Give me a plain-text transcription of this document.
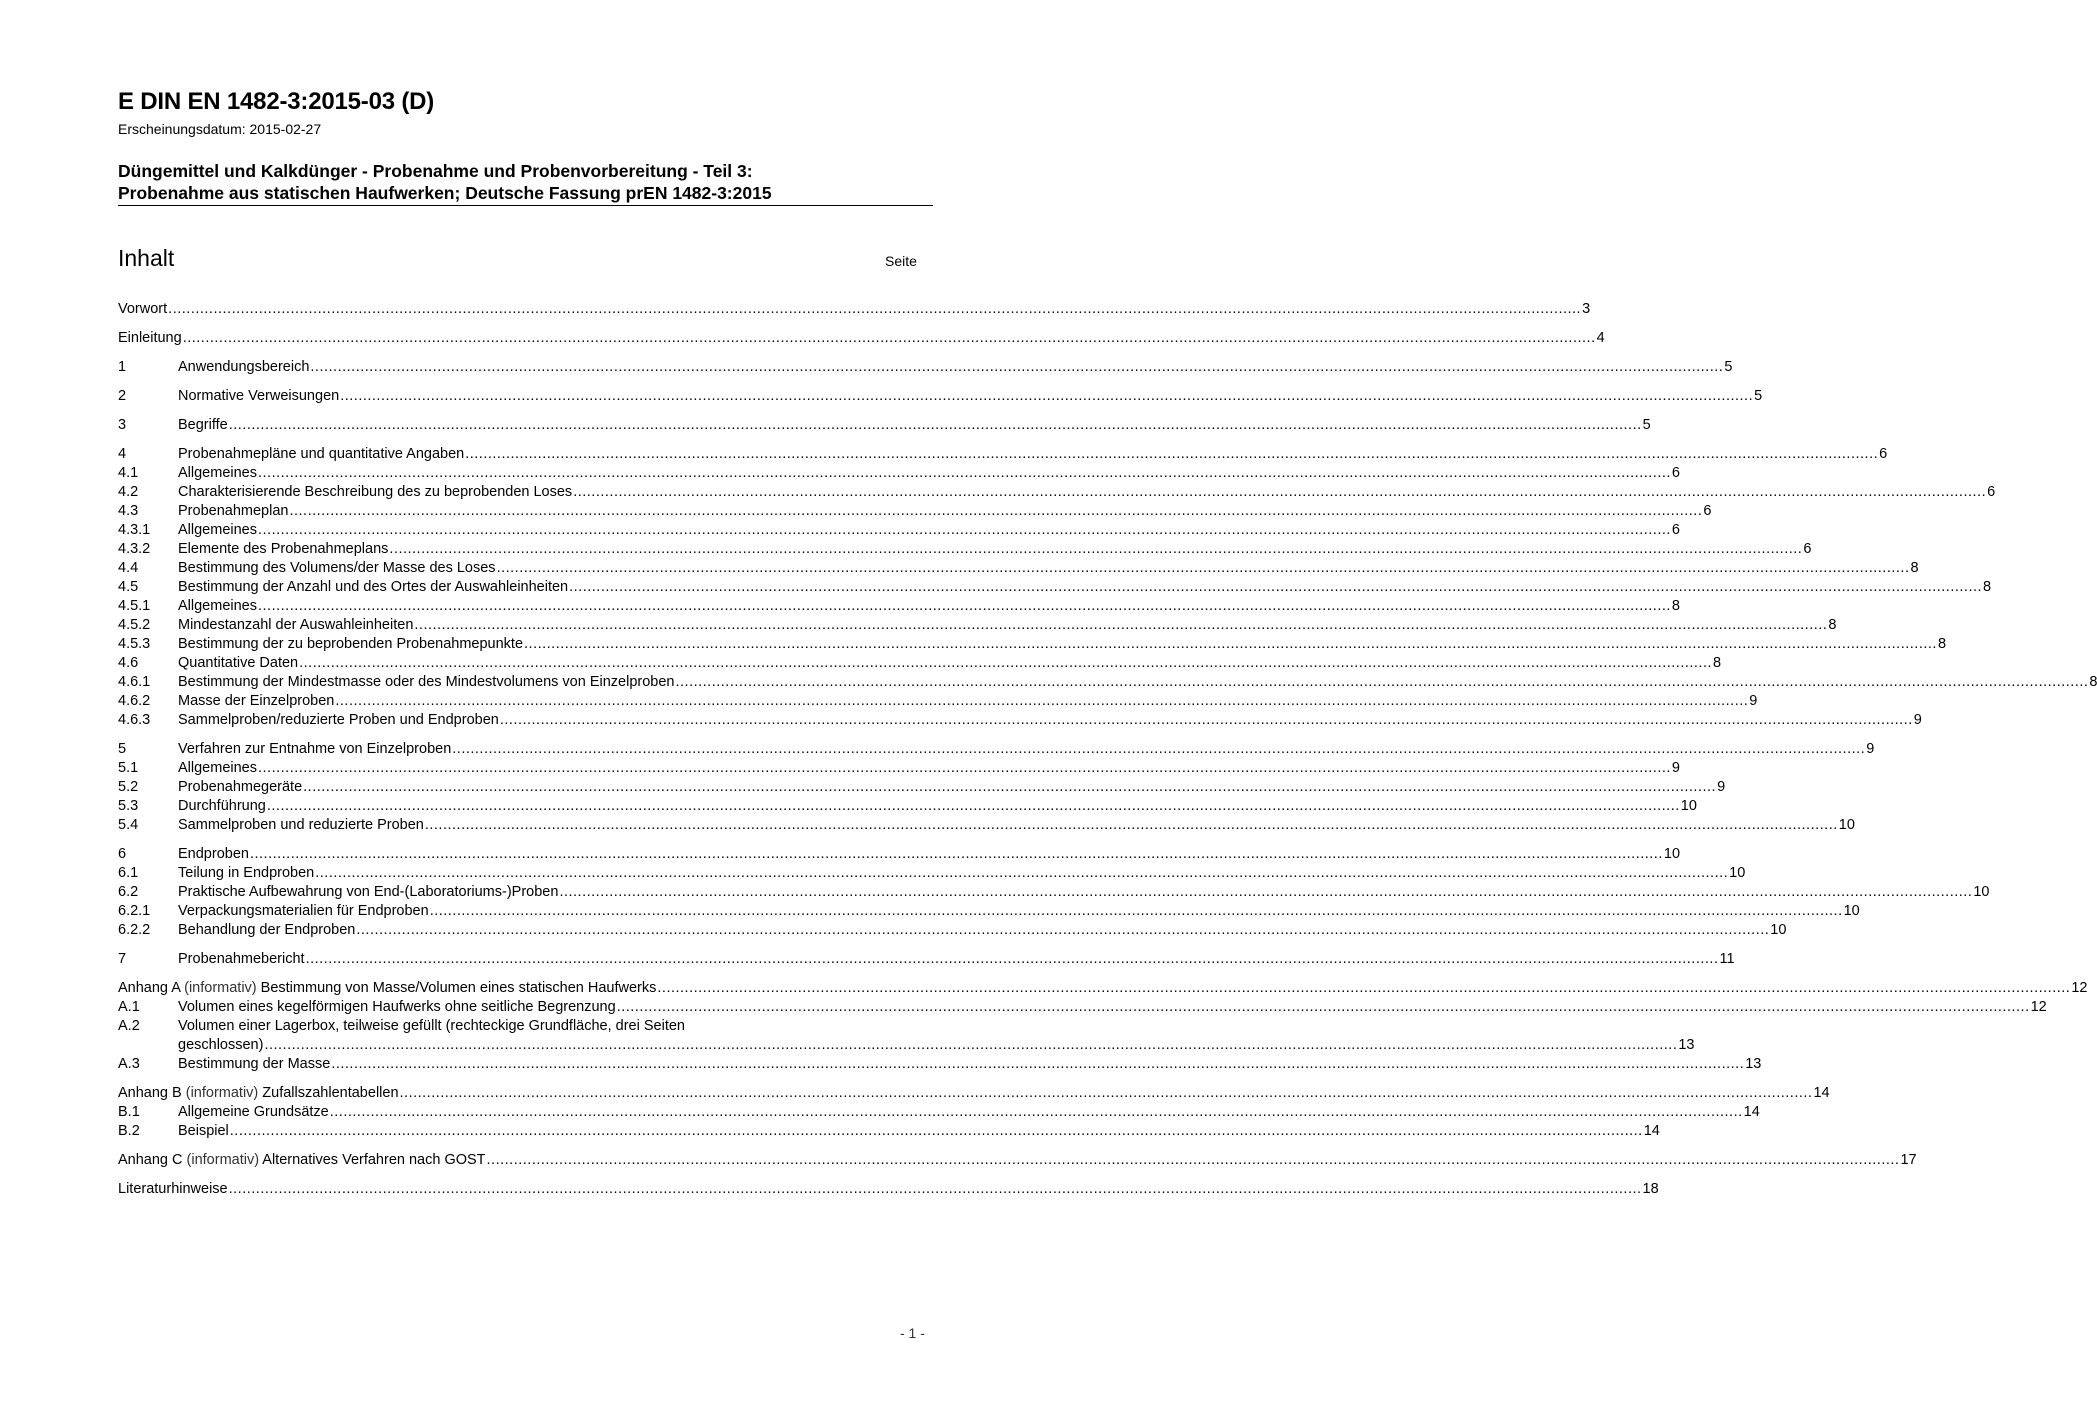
E DIN EN 1482-3:2015-03 (D)
Erscheinungsdatum: 2015-02-27
Düngemittel und Kalkdünger - Probenahme und Probenvorbereitung - Teil 3:
Probenahme aus statischen Haufwerken; Deutsche Fassung prEN 1482-3:2015
Inhalt	Seite
Vorwort .....	3
Einleitung .....	4
1	Anwendungsbereich .....	5
2	Normative Verweisungen .....	5
3	Begriffe .....	5
4	Probenahmepläne und quantitative Angaben .....	6
4.1	Allgemeines .....	6
4.2	Charakterisierende Beschreibung des zu beprobenden Loses .....	6
4.3	Probenahmeplan .....	6
4.3.1	Allgemeines .....	6
4.3.2	Elemente des Probenahmeplans .....	6
4.4	Bestimmung des Volumens/der Masse des Loses .....	8
4.5	Bestimmung der Anzahl und des Ortes der Auswahleinheiten .....	8
4.5.1	Allgemeines .....	8
4.5.2	Mindestanzahl der Auswahleinheiten .....	8
4.5.3	Bestimmung der zu beprobenden Probenahmepunkte .....	8
4.6	Quantitative Daten .....	8
4.6.1	Bestimmung der Mindestmasse oder des Mindestvolumens von Einzelproben .....	8
4.6.2	Masse der Einzelproben .....	9
4.6.3	Sammelproben/reduzierte Proben und Endproben .....	9
5	Verfahren zur Entnahme von Einzelproben .....	9
5.1	Allgemeines .....	9
5.2	Probenahmegeräte .....	9
5.3	Durchführung .....	10
5.4	Sammelproben und reduzierte Proben .....	10
6	Endproben .....	10
6.1	Teilung in Endproben .....	10
6.2	Praktische Aufbewahrung von End-(Laboratoriums-)Proben .....	10
6.2.1	Verpackungsmaterialien für Endproben .....	10
6.2.2	Behandlung der Endproben .....	10
7	Probenahmebericht .....	11
Anhang A (informativ) Bestimmung von Masse/Volumen eines statischen Haufwerks .....	12
A.1	Volumen eines kegelförmigen Haufwerks ohne seitliche Begrenzung .....	12
A.2	Volumen einer Lagerbox, teilweise gefüllt (rechteckige Grundfläche, drei Seiten
geschlossen) .....	13
A.3	Bestimmung der Masse .....	13
Anhang B (informativ) Zufallszahlentabellen .....	14
B.1	Allgemeine Grundsätze .....	14
B.2	Beispiel .....	14
Anhang C (informativ) Alternatives Verfahren nach GOST .....	17
Literaturhinweise .....	18
- 1 -
